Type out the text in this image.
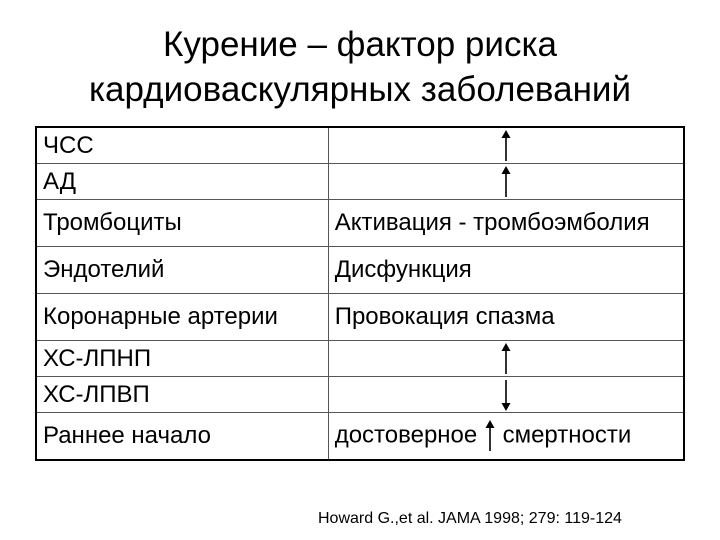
Курение – фактор риска
кардиоваскулярных заболеваний
ЧСС	
АД	
Тромбоциты	Активация - тромбоэмболия
Эндотелий	Дисфункция
Коронарные артерии	Провокация спазма
ХС-ЛПНП	
ХС-ЛПВП	
Раннее начало	достоверное смертности
Howard G.,et al. JAMA 1998; 279: 119-124
